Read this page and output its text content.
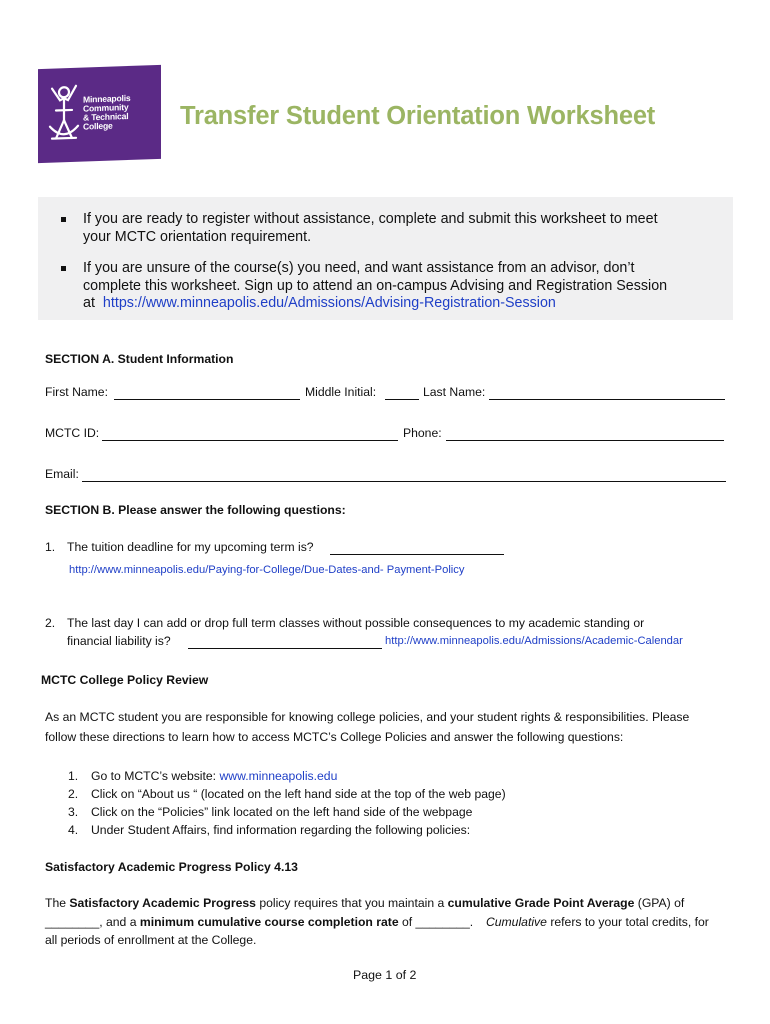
Minneapolis
Community
& Technical
College	Transfer Student Orientation Worksheet
If you are ready to register without assistance, complete and submit this worksheet to meet
your MCTC orientation requirement.
If you are unsure of the course(s) you need, and want assistance from an advisor, don’t
complete this worksheet. Sign up to attend an on-campus Advising and Registration Session
at https://www.minneapolis.edu/Admissions/Advising-Registration-Session
SECTION A. Student Information
First Name:	Middle Initial:	Last Name:
MCTC ID:	Phone:
Email:
SECTION B. Please answer the following questions:
1. The tuition deadline for my upcoming term is?
http://www.minneapolis.edu/Paying-for-College/Due-Dates-and- Payment-Policy
2. The last day I can add or drop full term classes without possible consequences to my academic standing or
financial liability is?	http://www.minneapolis.edu/Admissions/Academic-Calendar
MCTC College Policy Review
As an MCTC student you are responsible for knowing college policies, and your student rights & responsibilities. Please
follow these directions to learn how to access MCTC’s College Policies and answer the following questions:
1. Go to MCTC’s website: www.minneapolis.edu
2. Click on “About us “ (located on the left hand side at the top of the web page)
3. Click on the “Policies” link located on the left hand side of the webpage
4. Under Student Affairs, find information regarding the following policies:
Satisfactory Academic Progress Policy 4.13
The Satisfactory Academic Progress policy requires that you maintain a cumulative Grade Point Average (GPA) of
________, and a minimum cumulative course completion rate of ________. Cumulative refers to your total credits, for
all periods of enrollment at the College.
Page 1 of 2
